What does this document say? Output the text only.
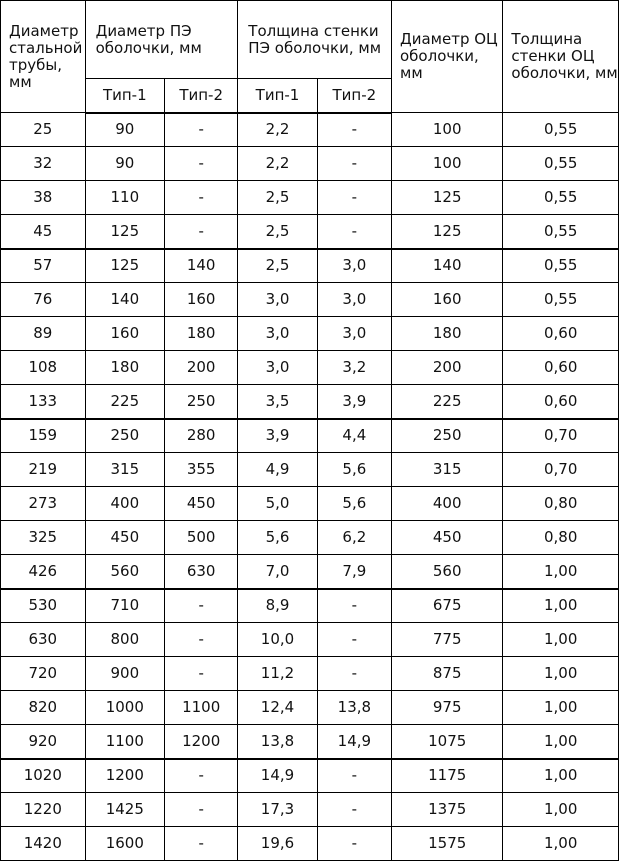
Диаметр стальной трубы, мм	Диаметр ПЭ оболочки, мм		Толщина стенки ПЭ оболочки, мм		Диаметр ОЦ оболочки, мм	Толщина стенки ОЦ оболочки, мм
	Тип-1	Тип-2	Тип-1	Тип-2		
25	90	-	2,2	-	100	0,55
32	90	-	2,2	-	100	0,55
38	110	-	2,5	-	125	0,55
45	125	-	2,5	-	125	0,55
57	125	140	2,5	3,0	140	0,55
76	140	160	3,0	3,0	160	0,55
89	160	180	3,0	3,0	180	0,60
108	180	200	3,0	3,2	200	0,60
133	225	250	3,5	3,9	225	0,60
159	250	280	3,9	4,4	250	0,70
219	315	355	4,9	5,6	315	0,70
273	400	450	5,0	5,6	400	0,80
325	450	500	5,6	6,2	450	0,80
426	560	630	7,0	7,9	560	1,00
530	710	-	8,9	-	675	1,00
630	800	-	10,0	-	775	1,00
720	900	-	11,2	-	875	1,00
820	1000	1100	12,4	13,8	975	1,00
920	1100	1200	13,8	14,9	1075	1,00
1020	1200	-	14,9	-	1175	1,00
1220	1425	-	17,3	-	1375	1,00
1420	1600	-	19,6	-	1575	1,00
